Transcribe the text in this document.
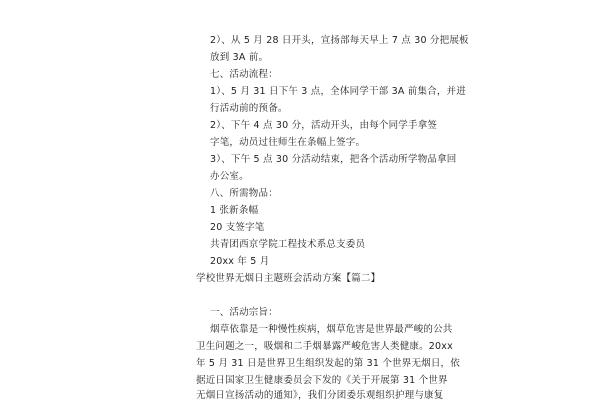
2）、从 5 月 28 日开头，宣扬部每天早上 7 点 30 分把展板
放到 3A 前。
七、活动流程：
1）、5 月 31 日下午 3 点，全体同学干部 3A 前集合，并进
行活动前的预备。
2）、下午 4 点 30 分，活动开头，由每个同学手拿签
字笔，动员过往师生在条幅上签字。
3）、下午 5 点 30 分活动结束，把各个活动所学物品拿回
办公室。
八、所需物品：
1 张新条幅
20 支签字笔
共青团西京学院工程技术系总支委员
20xx 年 5 月
学校世界无烟日主题班会活动方案【篇二】
一、活动宗旨：
烟草依靠是一种慢性疾病，烟草危害是世界最严峻的公共
卫生问题之一，吸烟和二手烟暴露严峻危害人类健康。20xx
年 5 月 31 日是世界卫生组织发起的第 31 个世界无烟日，依
据近日国家卫生健康委员会下发的《关于开展第 31 个世界
无烟日宣扬活动的通知》，我们分团委乐观组织护理与康复
